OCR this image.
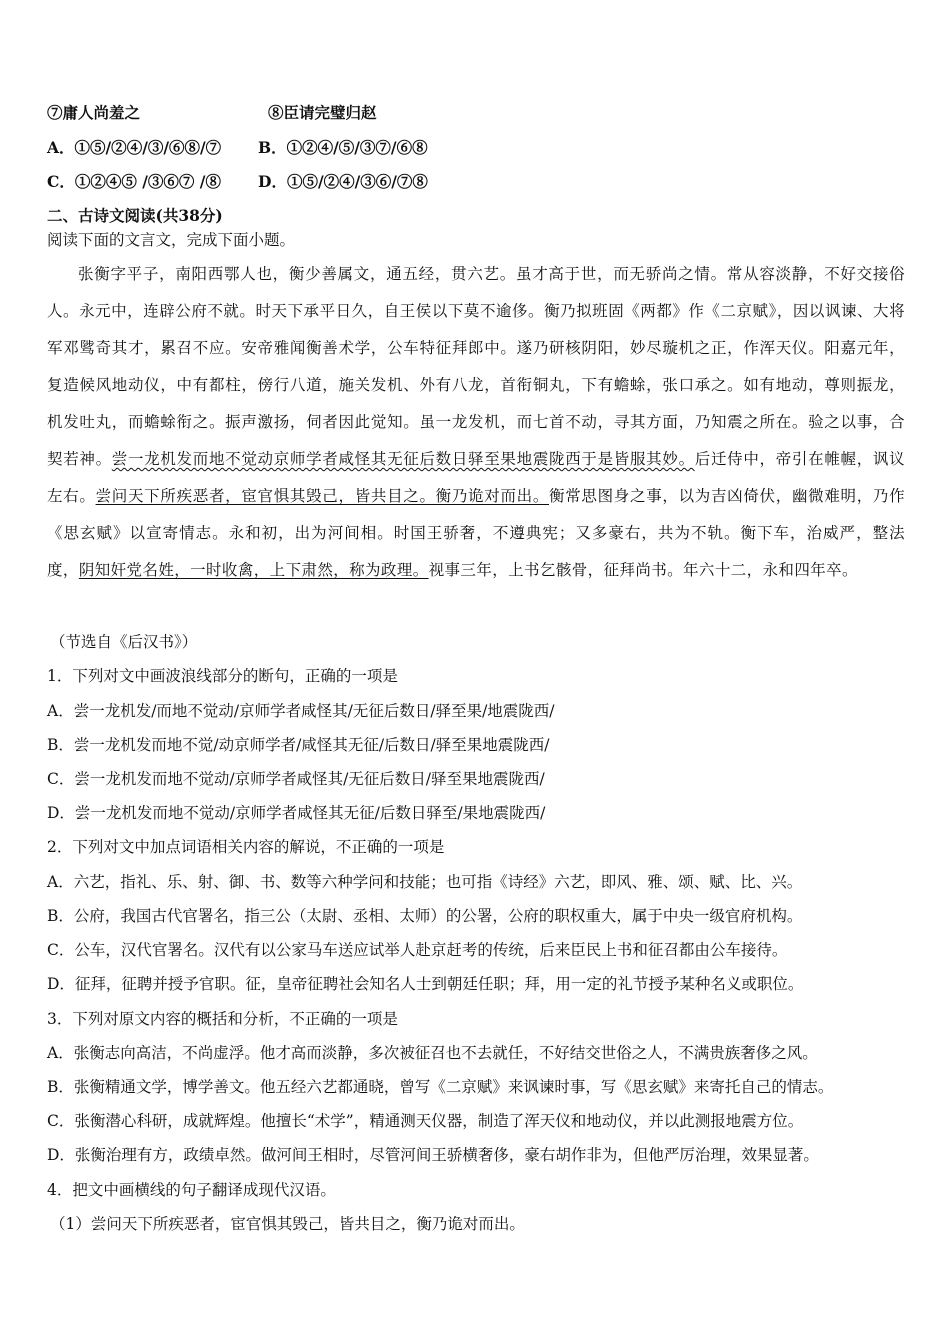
⑦庸人尚羞之	⑧臣请完璧归赵
A．①⑤/②④/③/⑥⑧/⑦ B．①②④/⑤/③⑦/⑥⑧
C．①②④⑤ /③⑥⑦ /⑧ D．①⑤/②④/③⑥/⑦⑧
二、古诗文阅读(共38分)
阅读下面的文言文，完成下面小题。
张衡字平子，南阳西鄂人也，衡少善属文，通五经，贯六艺。虽才高于世，而无骄尚之情。常从容淡静，不好交接俗人。永元中，连辟公府不就。时天下承平日久，自王侯以下莫不逾侈。衡乃拟班固《两都》作《二京赋》，因以讽谏、大将军邓骘奇其才，累召不应。安帝雅闻衡善术学，公车特征拜郎中。遂乃研核阴阳，妙尽璇机之正，作浑天仪。阳嘉元年，复造候风地动仪，中有都柱，傍行八道，施关发机、外有八龙，首衔铜丸，下有蟾蜍，张口承之。如有地动，尊则振龙，机发吐丸，而蟾蜍衔之。振声激扬，伺者因此觉知。虽一龙发机，而七首不动，寻其方面，乃知震之所在。验之以事，合契若神。尝一龙机发而地不觉动京师学者咸怪其无征后数日驿至果地震陇西于是皆服其妙。后迁侍中，帝引在帷幄，讽议左右。尝问天下所疾恶者，宦官惧其毁己，皆共目之。衡乃诡对而出。衡常思图身之事，以为吉凶倚伏，幽微难明，乃作《思玄赋》以宣寄情志。永和初，出为河间相。时国王骄奢，不遵典宪；又多豪右，共为不轨。衡下车，治威严，整法度，阴知奸党名姓，一时收禽，上下肃然，称为政理。视事三年，上书乞骸骨，征拜尚书。年六十二，永和四年卒。
（节选自《后汉书》）
1．下列对文中画波浪线部分的断句，正确的一项是
A．尝一龙机发/而地不觉动/京师学者咸怪其/无征后数日/驿至果/地震陇西/
B．尝一龙机发而地不觉/动京师学者/咸怪其无征/后数日/驿至果地震陇西/
C．尝一龙机发而地不觉动/京师学者咸怪其/无征后数日/驿至果地震陇西/
D．尝一龙机发而地不觉动/京师学者咸怪其无征/后数日驿至/果地震陇西/
2．下列对文中加点词语相关内容的解说，不正确的一项是
A．六艺，指礼、乐、射、御、书、数等六种学问和技能；也可指《诗经》六艺，即风、雅、颂、赋、比、兴。
B．公府，我国古代官署名，指三公（太尉、丞相、太师）的公署，公府的职权重大，属于中央一级官府机构。
C．公车，汉代官署名。汉代有以公家马车送应试举人赴京赶考的传统，后来臣民上书和征召都由公车接待。
D．征拜，征聘并授予官职。征，皇帝征聘社会知名人士到朝廷任职；拜，用一定的礼节授予某种名义或职位。
3．下列对原文内容的概括和分析，不正确的一项是
A．张衡志向高洁，不尚虚浮。他才高而淡静，多次被征召也不去就任，不好结交世俗之人，不满贵族奢侈之风。
B．张衡精通文学，博学善文。他五经六艺都通晓，曾写《二京赋》来讽谏时事，写《思玄赋》来寄托自己的情志。
C．张衡潜心科研，成就辉煌。他擅长“术学”，精通测天仪器，制造了浑天仪和地动仪，并以此测报地震方位。
D．张衡治理有方，政绩卓然。做河间王相时，尽管河间王骄横奢侈，豪右胡作非为，但他严厉治理，效果显著。
4．把文中画横线的句子翻译成现代汉语。
（1）尝问天下所疾恶者，宦官惧其毁己，皆共目之，衡乃诡对而出。
